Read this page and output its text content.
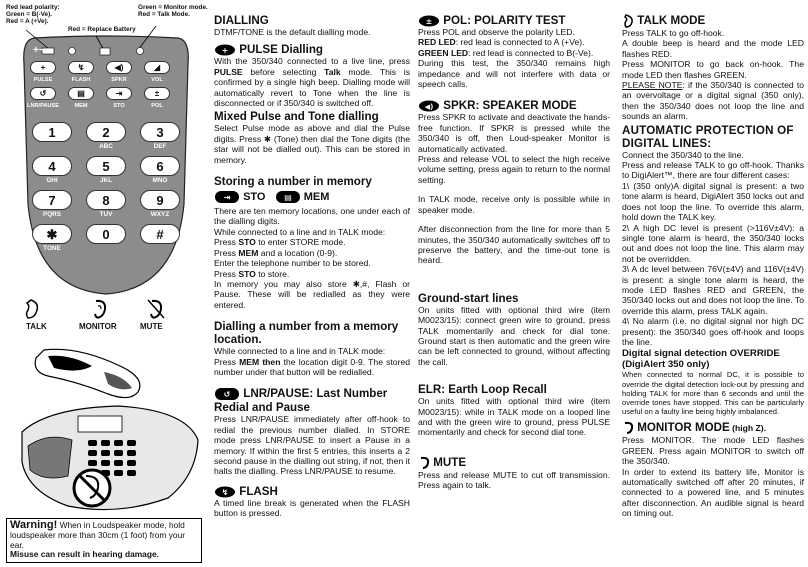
Red lead polarity:
Green = B(-Ve).
Red = A (+Ve).
Red = Replace Battery
Green = Monitor mode.
Red = Talk Mode.
+−
+	↯	◀)	◢
PULSE	FLASH	SPKR	VOL
↺	▤	⇥	±
LNR/PAUSE	MEM	STO	POL
1	2	3
ABC	DEF
4	5	6
GHI	JKL	MNO
7	8	9
PQRS	TUV	WXYZ
✱	0	#
TONE
TALK	MONITOR	MUTE
Warning! When in Loudspeaker mode, hold loudspeaker more than 30cm (1 foot) from your ear.
Misuse can result in hearing damage.
DIALLING
DTMF/TONE is the default dialling mode.
+ PULSE Dialling
With the 350/340 connected to a live line, press PULSE before selecting Talk mode. This is confirmed by a single high beep. Dialling mode will automatically revert to Tone when the line is disconnected or if 350/340 is switched off.
Mixed Pulse and Tone dialling
Select Pulse mode as above and dial the Pulse digits. Press ✱ (Tone) then dial the Tone digits (the star will not be dialled out). This can be stored in memory.
Storing a number in memory
⇥ STO ▤ MEM
There are ten memory locations, one under each of the dialling digits.
While connected to a line and in TALK mode:
Press STO to enter STORE mode.
Press MEM and a location (0-9).
Enter the telephone number to be stored.
Press STO to store.
In memory you may also store ✱,#, Flash or Pause. These will be redialled as they were entered.
Dialling a number from a memory location.
While connected to a line and in TALK mode:
Press MEM then the location digit 0-9. The stored number under that button will be redialled.
↺ LNR/PAUSE: Last Number Redial and Pause
Press LNR/PAUSE immediately after off-hook to redial the previous number dialled. In STORE mode press LNR/PAUSE to insert a Pause in a memory. If within the first 5 entries, this inserts a 2 second pause in the dialling out string, if not, then it halts the dialling. Press LNR/PAUSE to resume.
↯ FLASH
A timed line break is generated when the FLASH button is pressed.
± POL: POLARITY TEST
Press POL and observe the polarity LED.
RED LED: red lead is connected to A (+Ve).
GREEN LED: red lead is connected to B(-Ve).
During this test, the 350/340 remains high impedance and will not interfere with data or speech calls.
◀) SPKR: SPEAKER MODE
Press SPKR to activate and deactivate the hands-free function. If SPKR is pressed while the 350/340 is off, then Loud-speaker Monitor is automatically activated.
Press and release VOL to select the high receive volume setting, press again to return to the normal setting.
In TALK mode, receive only is possible while in speaker mode.
After disconnection from the line for more than 5 minutes, the 350/340 automatically switches off to preserve the battery, and the time-out tone is heard.
Ground-start lines
On units fitted with optional third wire (item M0023/15): connect green wire to ground, press TALK momentarily and check for dial tone. Ground start is then automatic and the green wire can be left connected to ground, without affecting the call.
ELR: Earth Loop Recall
On units fitted with optional third wire (item M0023/15): while in TALK mode on a looped line and with the green wire to ground, press PULSE momentarily and check for second dial tone.
MUTE
Press and release MUTE to cut off transmission. Press again to talk.
TALK MODE
Press TALK to go off-hook.
A double beep is heard and the mode LED flashes RED.
Press MONITOR to go back on-hook. The mode LED then flashes GREEN.
PLEASE NOTE: if the 350/340 is connected to an overvoltage or a digital signal (350 only), then the 350/340 does not loop the line and sounds an alarm.
AUTOMATIC PROTECTION OF DIGITAL LINES:
Connect the 350/340 to the line.
Press and release TALK to go off-hook. Thanks to DigiAlert™, there are four different cases:
1\ (350 only)A digital signal is present: a two tone alarm is heard, DigiAlert 350 locks out and does not loop the line. To override this alarm, hold down the TALK key.
2\ A high DC level is present (>116V±4V): a single tone alarm is heard, the 350/340 locks out and does not loop the line. This alarm may not be overridden.
3\ A dc level between 76V(±4V) and 116V(±4V) is present: a single tone alarm is heard, the mode LED flashes RED and GREEN, the 350/340 locks out and does not loop the line. To override this alarm, press TALK again.
4\ No alarm (i.e. no digital signal nor high DC present): the 350/340 goes off-hook and loops the line.
Digital signal detection OVERRIDE (DigiAlert 350 only)
When connected to normal DC, it is possible to override the digital detection lock-out by pressing and holding TALK for more than 6 seconds and until the override tones have stopped. This can be particularly useful on a faulty line being highly imbalanced.
MONITOR MODE (high Z).
Press MONITOR. The mode LED flashes GREEN. Press again MONITOR to switch off the 350/340.
In order to extend its battery life, Monitor is automatically switched off after 20 minutes, if connected to a powered line, and 5 minutes after disconnection. An audible signal is heard on timing out.
